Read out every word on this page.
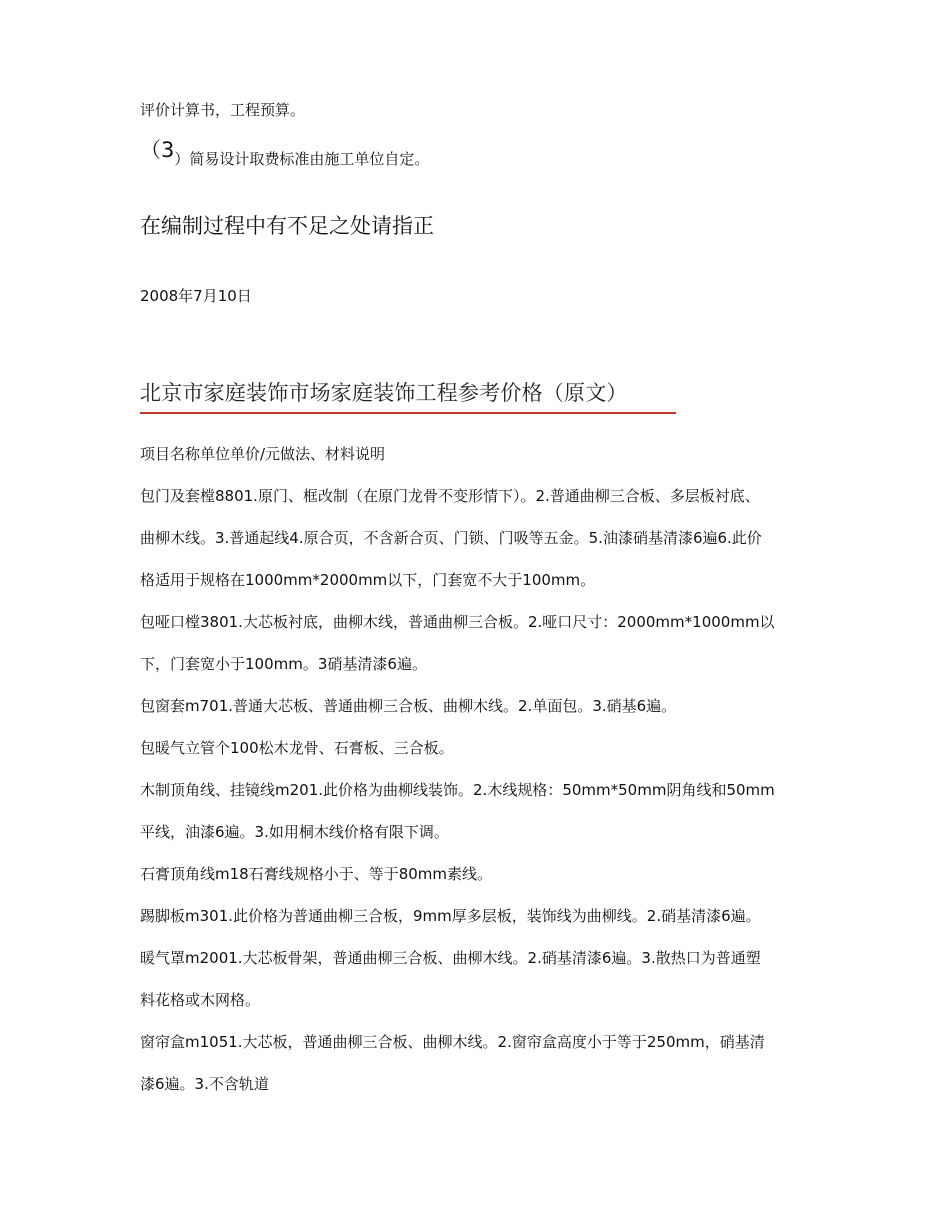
评价计算书，工程预算。
（3）简易设计取费标准由施工单位自定。
在编制过程中有不足之处请指正
2008年7月10日
北京市家庭装饰市场家庭装饰工程参考价格（原文）
项目名称单位单价/元做法、材料说明
包门及套樘8801.原门、框改制（在原门龙骨不变形情下）。2.普通曲柳三合板、多层板衬底、
曲柳木线。3.普通起线4.原合页，不含新合页、门锁、门吸等五金。5.油漆硝基清漆6遍6.此价
格适用于规格在1000mm*2000mm以下，门套宽不大于100mm。
包哑口樘3801.大芯板衬底，曲柳木线，普通曲柳三合板。2.哑口尺寸：2000mm*1000mm以
下，门套宽小于100mm。3硝基清漆6遍。
包窗套m701.普通大芯板、普通曲柳三合板、曲柳木线。2.单面包。3.硝基6遍。
包暖气立管个100松木龙骨、石膏板、三合板。
木制顶角线、挂镜线m201.此价格为曲柳线装饰。2.木线规格：50mm*50mm阴角线和50mm
平线，油漆6遍。3.如用桐木线价格有限下调。
石膏顶角线m18石膏线规格小于、等于80mm素线。
踢脚板m301.此价格为普通曲柳三合板，9mm厚多层板，装饰线为曲柳线。2.硝基清漆6遍。
暖气罩m2001.大芯板骨架，普通曲柳三合板、曲柳木线。2.硝基清漆6遍。3.散热口为普通塑
料花格或木网格。
窗帘盒m1051.大芯板，普通曲柳三合板、曲柳木线。2.窗帘盒高度小于等于250mm，硝基清
漆6遍。3.不含轨道
